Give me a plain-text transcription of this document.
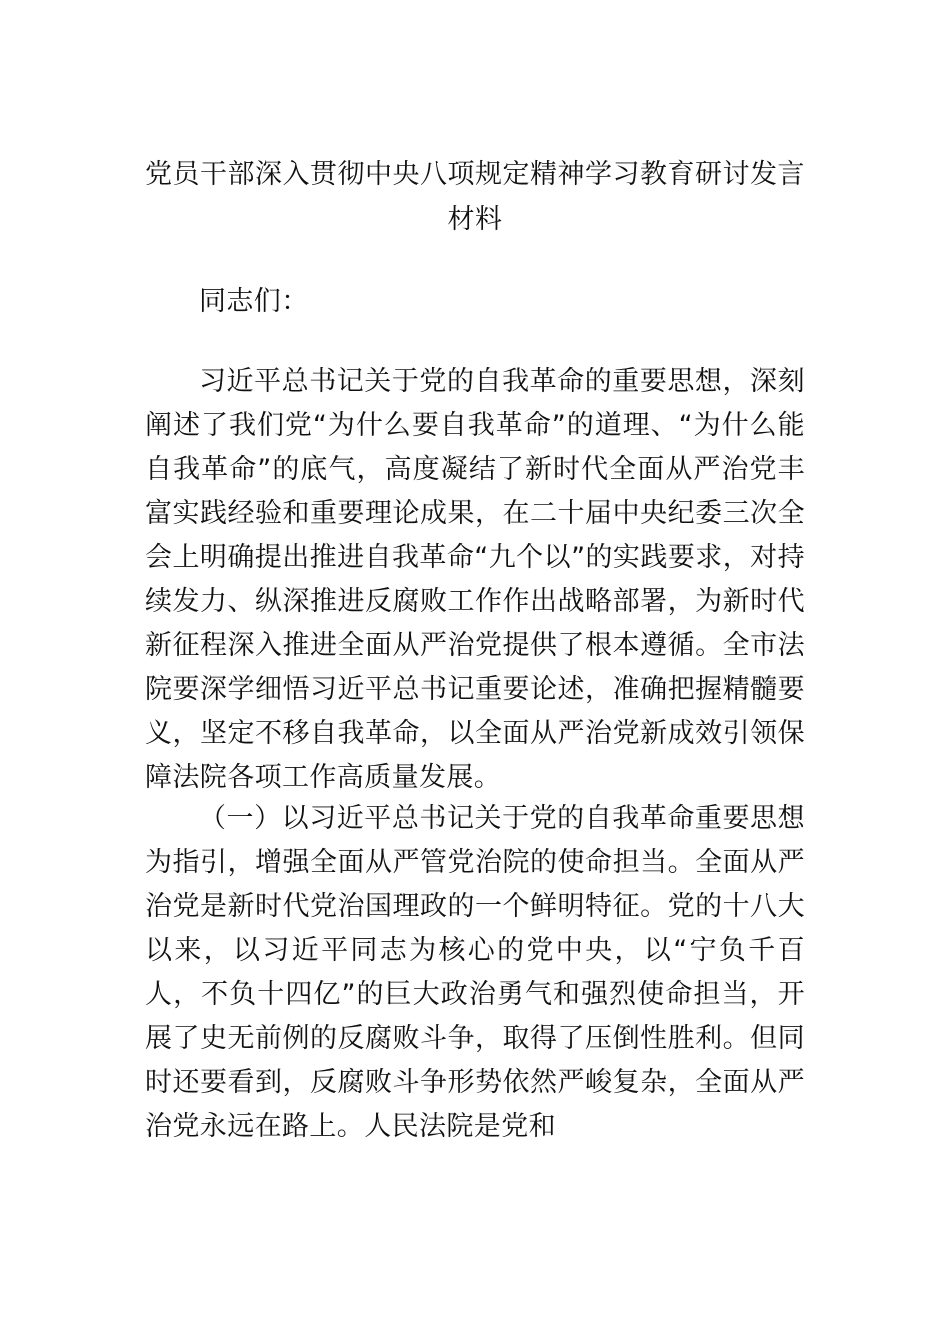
党员干部深入贯彻中央八项规定精神学习教育研讨发言材料

同志们：

习近平总书记关于党的自我革命的重要思想，深刻阐述了我们党“为什么要自我革命”的道理、“为什么能自我革命”的底气，高度凝结了新时代全面从严治党丰富实践经验和重要理论成果，在二十届中央纪委三次全会上明确提出推进自我革命“九个以”的实践要求，对持续发力、纵深推进反腐败工作作出战略部署，为新时代新征程深入推进全面从严治党提供了根本遵循。全市法院要深学细悟习近平总书记重要论述，准确把握精髓要义，坚定不移自我革命，以全面从严治党新成效引领保障法院各项工作高质量发展。

（一）以习近平总书记关于党的自我革命重要思想为指引，增强全面从严管党治院的使命担当。全面从严治党是新时代党治国理政的一个鲜明特征。党的十八大以来，以习近平同志为核心的党中央，以“宁负千百人，不负十四亿”的巨大政治勇气和强烈使命担当，开展了史无前例的反腐败斗争，取得了压倒性胜利。但同时还要看到，反腐败斗争形势依然严峻复杂，全面从严治党永远在路上。人民法院是党和
